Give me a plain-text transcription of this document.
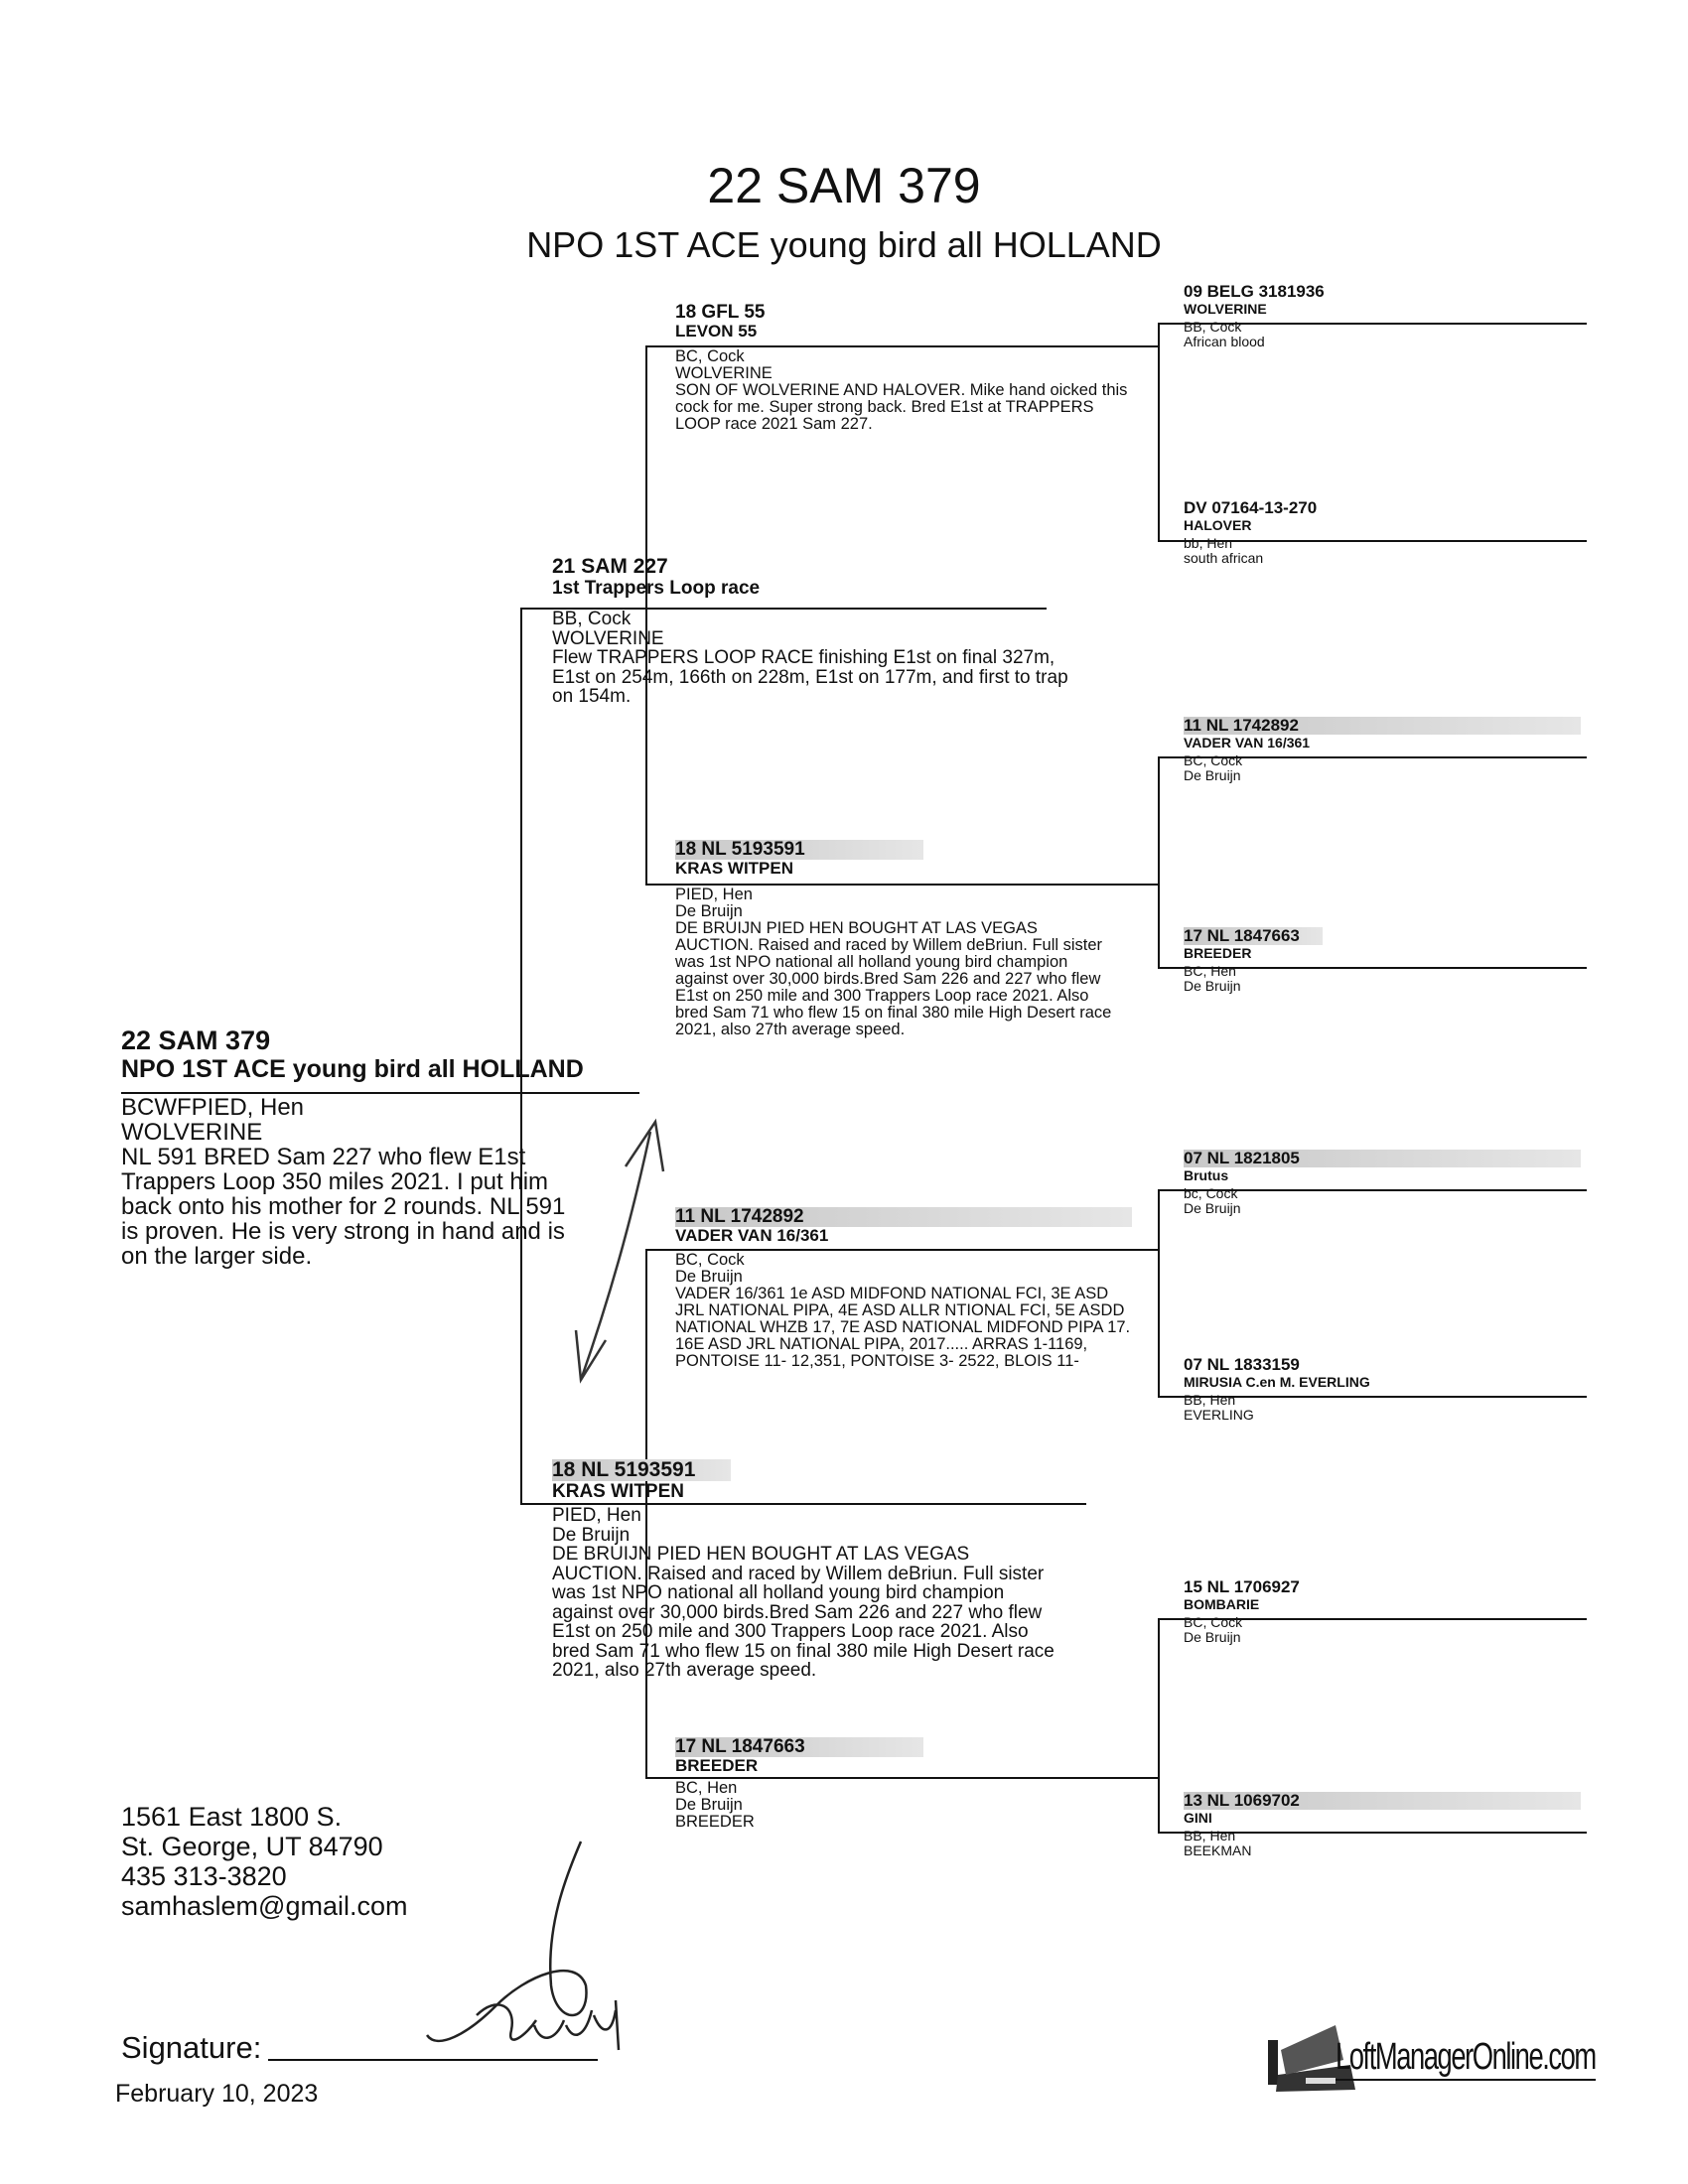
22 SAM 379
NPO 1ST ACE young bird all HOLLAND
22 SAM 379
NPO 1ST ACE young bird all HOLLAND
BCWFPIED, Hen
WOLVERINE
NL 591 BRED Sam 227 who flew E1st Trappers Loop 350 miles 2021. I put him back onto his mother for 2 rounds. NL 591 is proven. He is very strong in hand and is on the larger side.
21 SAM 227
1st Trappers Loop race
BB, Cock
WOLVERINE
Flew TRAPPERS LOOP RACE finishing E1st on final 327m, E1st on 254m, 166th on 228m, E1st on 177m, and first to trap on 154m.
18 NL 5193591
KRAS WITPEN
PIED, Hen
De Bruijn
DE BRUIJN PIED HEN BOUGHT AT LAS VEGAS AUCTION. Raised and raced by Willem deBriun. Full sister was 1st NPO national all holland young bird champion against over 30,000 birds.Bred Sam 226 and 227 who flew E1st on 250 mile and 300 Trappers Loop race 2021. Also bred Sam 71 who flew 15 on final 380 mile High Desert race 2021, also 27th average speed.
18 GFL 55
LEVON 55
BC, Cock
WOLVERINE
SON OF WOLVERINE AND HALOVER. Mike hand oicked this cock for me. Super strong back. Bred E1st at TRAPPERS LOOP race 2021 Sam 227.
18 NL 5193591
KRAS WITPEN
PIED, Hen
De Bruijn
DE BRUIJN PIED HEN BOUGHT AT LAS VEGAS AUCTION. Raised and raced by Willem deBriun. Full sister was 1st NPO national all holland young bird champion against over 30,000 birds.Bred Sam 226 and 227 who flew E1st on 250 mile and 300 Trappers Loop race 2021. Also bred Sam 71 who flew 15 on final 380 mile High Desert race 2021, also 27th average speed.
11 NL 1742892
VADER VAN 16/361
BC, Cock
De Bruijn
VADER 16/361 1e ASD MIDFOND NATIONAL FCI, 3E ASD JRL NATIONAL PIPA, 4E ASD ALLR NTIONAL FCI, 5E ASDD NATIONAL WHZB 17, 7E ASD NATIONAL MIDFOND PIPA 17. 16E ASD JRL NATIONAL PIPA, 2017..... ARRAS 1-1169, PONTOISE 11- 12,351, PONTOISE 3- 2522, BLOIS 11-
17 NL 1847663
BREEDER
BC, Hen
De Bruijn
BREEDER
09 BELG 3181936
WOLVERINE
BB, Cock
African blood
DV 07164-13-270
HALOVER
bb, Hen
south african
11 NL 1742892
VADER VAN 16/361
BC, Cock
De Bruijn
17 NL 1847663
BREEDER
BC, Hen
De Bruijn
07 NL 1821805
Brutus
bc, Cock
De Bruijn
07 NL 1833159
MIRUSIA C.en M. EVERLING
BB, Hen
EVERLING
15 NL 1706927
BOMBARIE
BC, Cock
De Bruijn
13 NL 1069702
GINI
BB, Hen
BEEKMAN
1561 East 1800 S.
St. George, UT 84790
435 313-3820
samhaslem@gmail.com
Signature:
February 10, 2023
LoftManagerOnline.com
